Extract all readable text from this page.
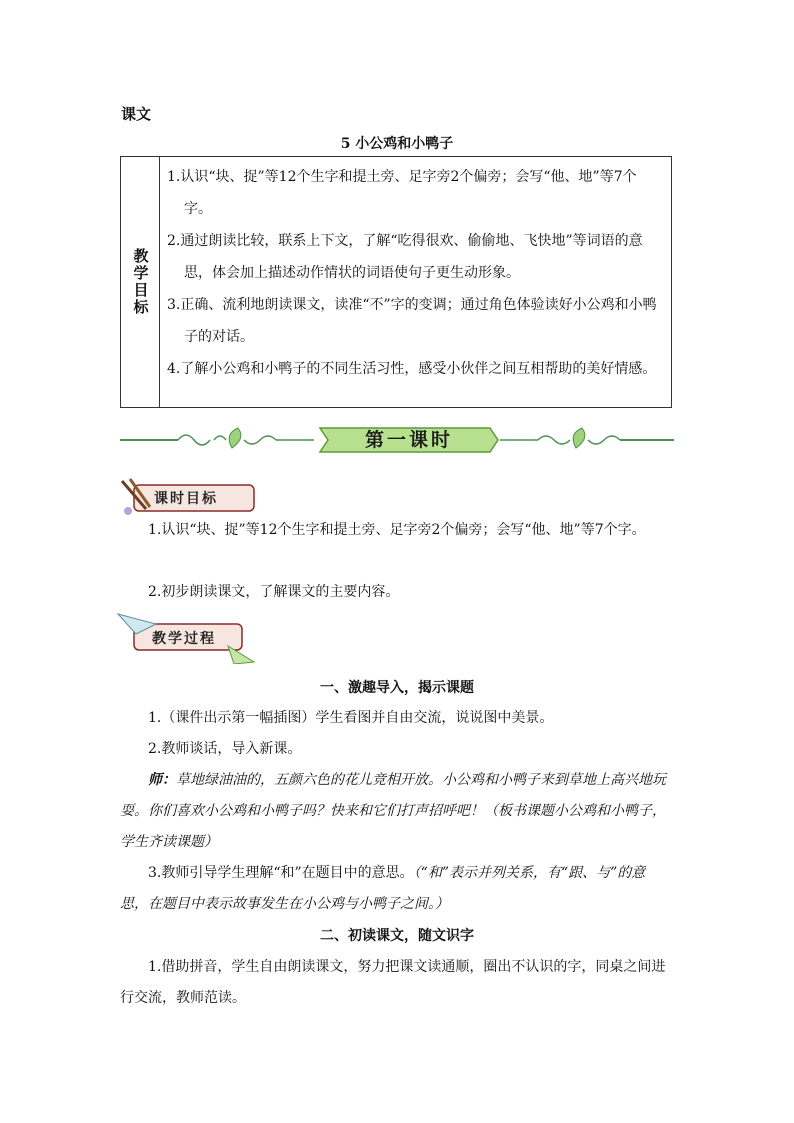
课文
5 小公鸡和小鸭子
教学目标
1.认识“块、捉”等12个生字和提土旁、足字旁2个偏旁；会写“他、地”等7个字。
2.通过朗读比较，联系上下文，了解“吃得很欢、偷偷地、飞快地”等词语的意思，体会加上描述动作情状的词语使句子更生动形象。
3.正确、流利地朗读课文，读准“不”字的变调；通过角色体验读好小公鸡和小鸭子的对话。
4.了解小公鸡和小鸭子的不同生活习性，感受小伙伴之间互相帮助的美好情感。
第一课时
课时目标
1.认识“块、捉”等12个生字和提土旁、足字旁2个偏旁；会写“他、地”等7个字。
2.初步朗读课文，了解课文的主要内容。
教学过程
一、激趣导入，揭示课题
1.（课件出示第一幅插图）学生看图并自由交流，说说图中美景。
2.教师谈话，导入新课。
师：草地绿油油的，五颜六色的花儿竞相开放。小公鸡和小鸭子来到草地上高兴地玩耍。你们喜欢小公鸡和小鸭子吗？快来和它们打声招呼吧！（板书课题小公鸡和小鸭子，学生齐读课题）
3.教师引导学生理解“和”在题目中的意思。（“和”表示并列关系，有“跟、与”的意思，在题目中表示故事发生在小公鸡与小鸭子之间。）
二、初读课文，随文识字
1.借助拼音，学生自由朗读课文，努力把课文读通顺，圈出不认识的字，同桌之间进行交流，教师范读。
